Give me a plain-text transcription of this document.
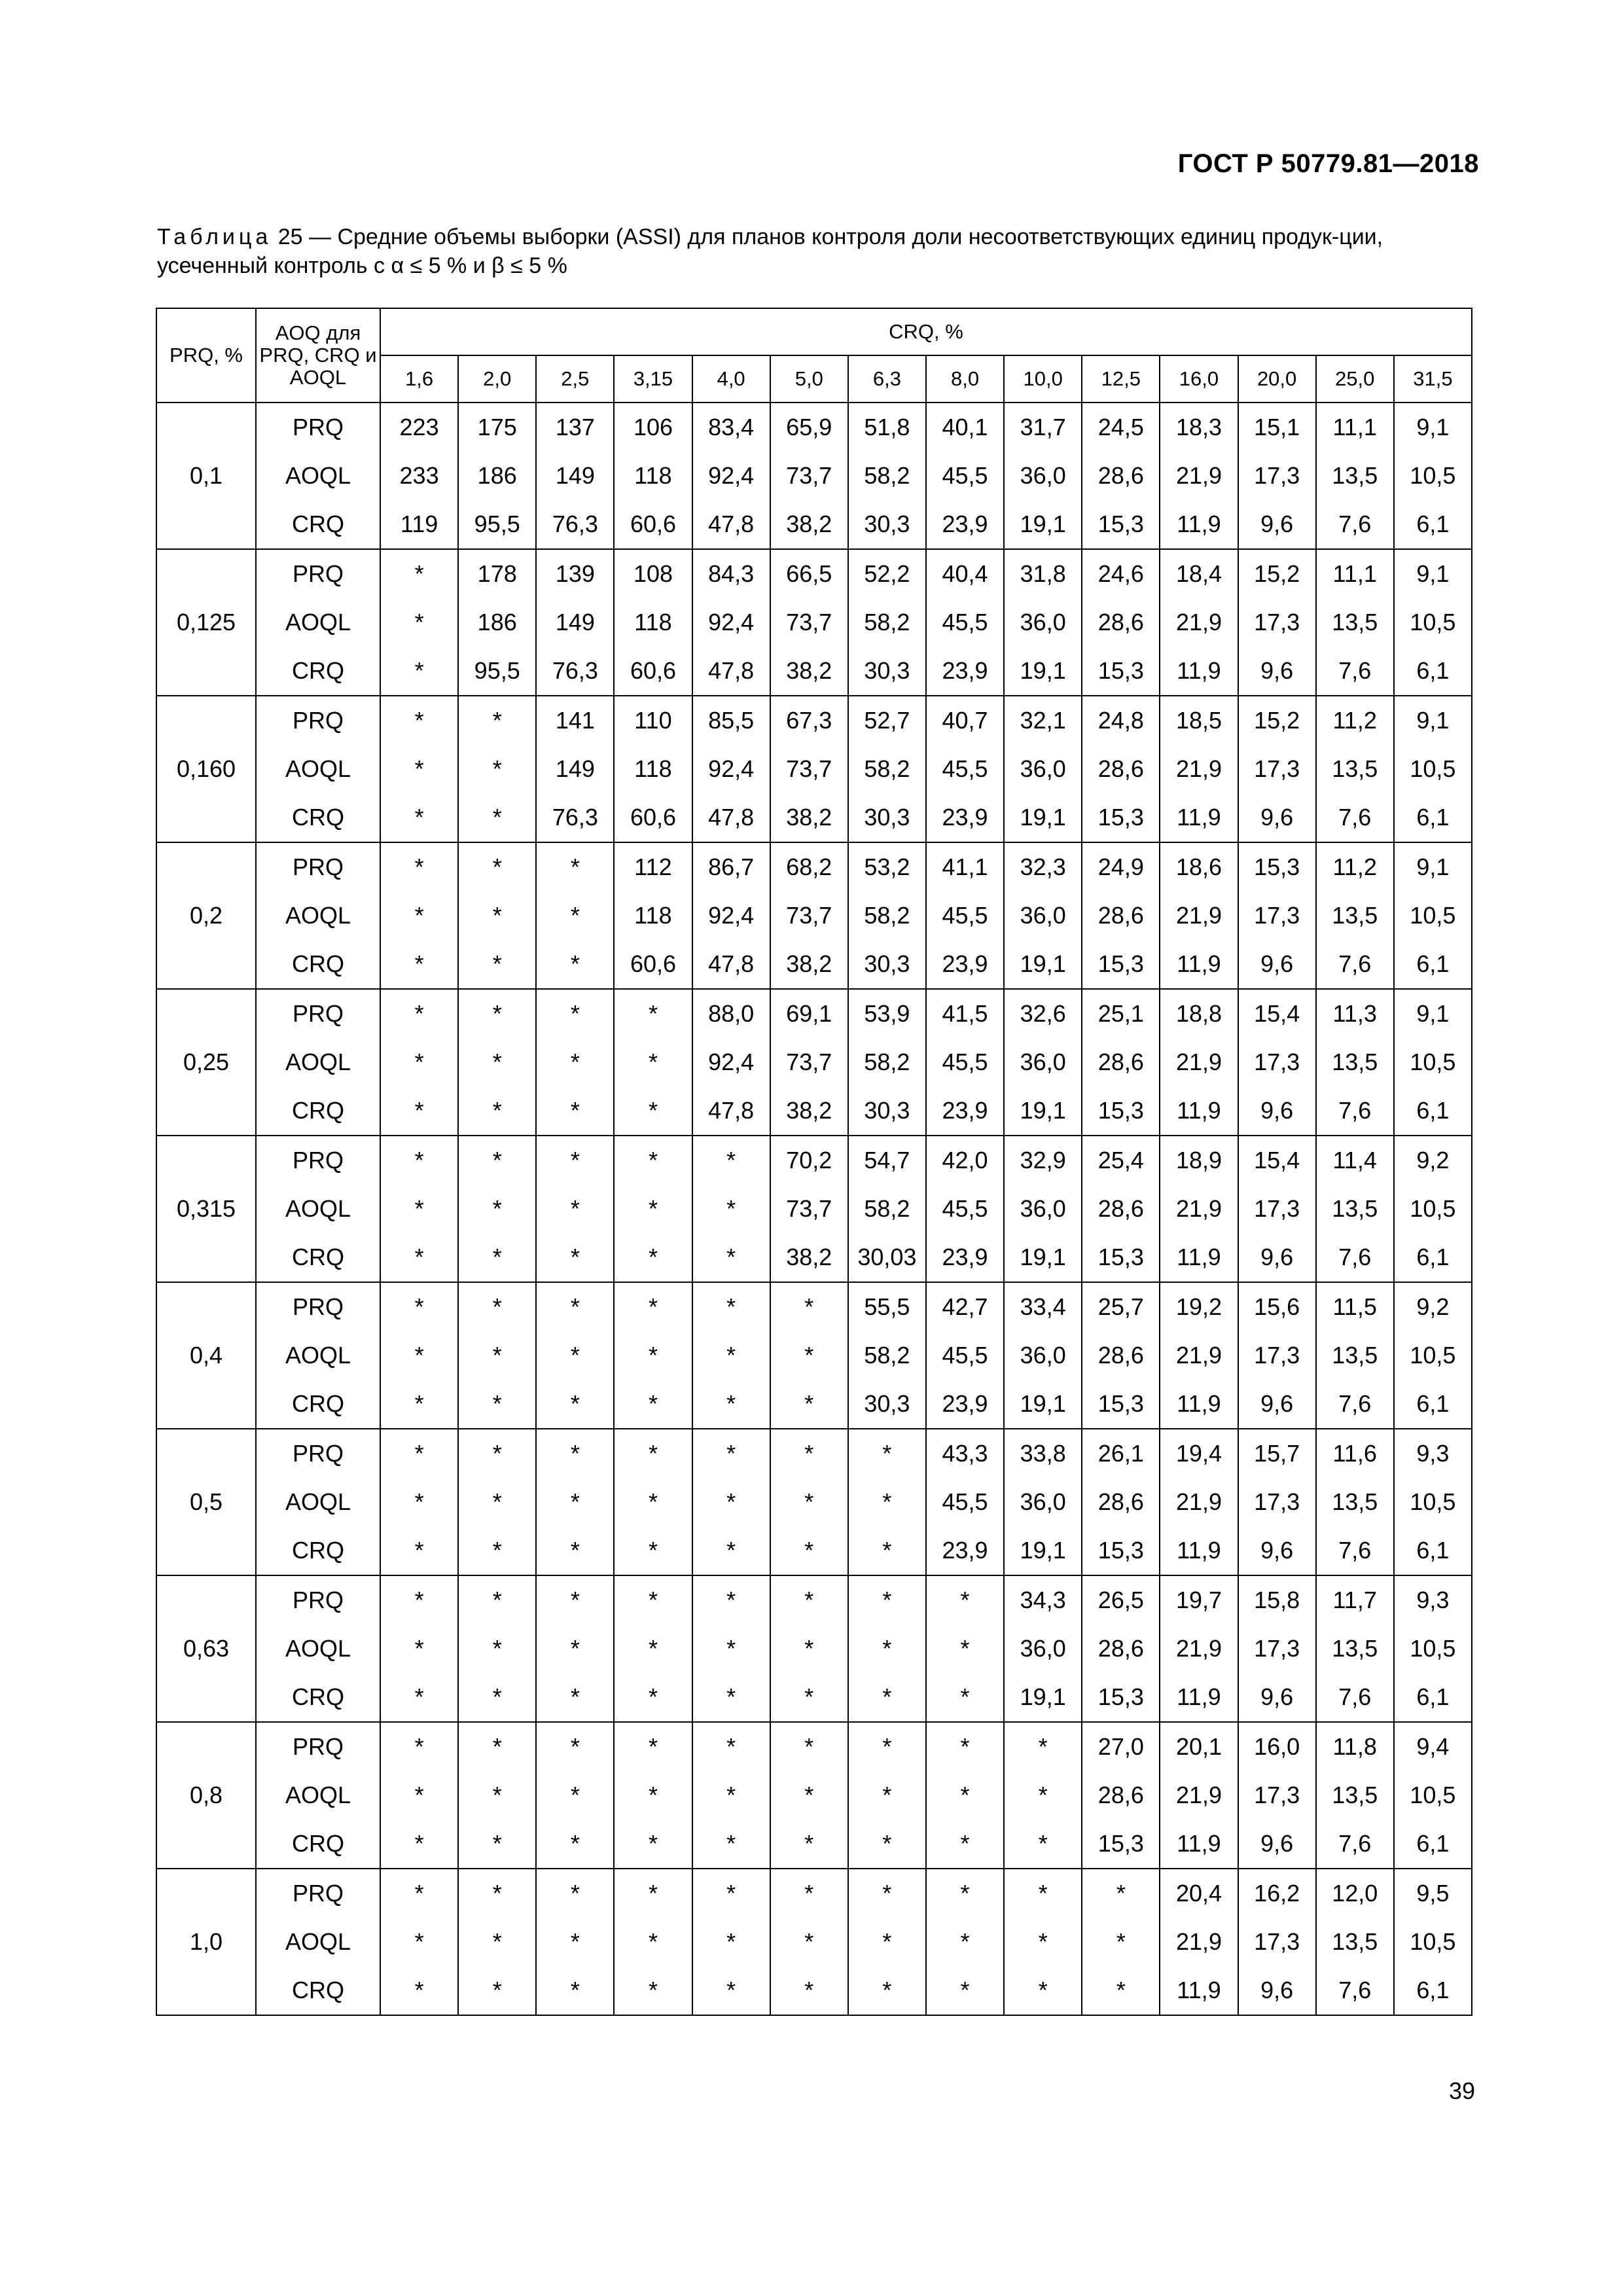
ГОСТ Р 50779.81—2018
Таблица 25 — Средние объемы выборки (ASSI) для планов контроля доли несоответствующих единиц продук-ции, усеченный контроль с α ≤ 5 % и β ≤ 5 %
PRQ, %	AOQ для PRQ, CRQ и AOQL	CRQ, %													
		1,6	2,0	2,5	3,15	4,0	5,0	6,3	8,0	10,0	12,5	16,0	20,0	25,0	31,5
0,1	PRQ	223	175	137	106	83,4	65,9	51,8	40,1	31,7	24,5	18,3	15,1	11,1	9,1
	AOQL	233	186	149	118	92,4	73,7	58,2	45,5	36,0	28,6	21,9	17,3	13,5	10,5
	CRQ	119	95,5	76,3	60,6	47,8	38,2	30,3	23,9	19,1	15,3	11,9	9,6	7,6	6,1
0,125	PRQ	*	178	139	108	84,3	66,5	52,2	40,4	31,8	24,6	18,4	15,2	11,1	9,1
	AOQL	*	186	149	118	92,4	73,7	58,2	45,5	36,0	28,6	21,9	17,3	13,5	10,5
	CRQ	*	95,5	76,3	60,6	47,8	38,2	30,3	23,9	19,1	15,3	11,9	9,6	7,6	6,1
0,160	PRQ	*	*	141	110	85,5	67,3	52,7	40,7	32,1	24,8	18,5	15,2	11,2	9,1
	AOQL	*	*	149	118	92,4	73,7	58,2	45,5	36,0	28,6	21,9	17,3	13,5	10,5
	CRQ	*	*	76,3	60,6	47,8	38,2	30,3	23,9	19,1	15,3	11,9	9,6	7,6	6,1
0,2	PRQ	*	*	*	112	86,7	68,2	53,2	41,1	32,3	24,9	18,6	15,3	11,2	9,1
	AOQL	*	*	*	118	92,4	73,7	58,2	45,5	36,0	28,6	21,9	17,3	13,5	10,5
	CRQ	*	*	*	60,6	47,8	38,2	30,3	23,9	19,1	15,3	11,9	9,6	7,6	6,1
0,25	PRQ	*	*	*	*	88,0	69,1	53,9	41,5	32,6	25,1	18,8	15,4	11,3	9,1
	AOQL	*	*	*	*	92,4	73,7	58,2	45,5	36,0	28,6	21,9	17,3	13,5	10,5
	CRQ	*	*	*	*	47,8	38,2	30,3	23,9	19,1	15,3	11,9	9,6	7,6	6,1
0,315	PRQ	*	*	*	*	*	70,2	54,7	42,0	32,9	25,4	18,9	15,4	11,4	9,2
	AOQL	*	*	*	*	*	73,7	58,2	45,5	36,0	28,6	21,9	17,3	13,5	10,5
	CRQ	*	*	*	*	*	38,2	30,03	23,9	19,1	15,3	11,9	9,6	7,6	6,1
0,4	PRQ	*	*	*	*	*	*	55,5	42,7	33,4	25,7	19,2	15,6	11,5	9,2
	AOQL	*	*	*	*	*	*	58,2	45,5	36,0	28,6	21,9	17,3	13,5	10,5
	CRQ	*	*	*	*	*	*	30,3	23,9	19,1	15,3	11,9	9,6	7,6	6,1
0,5	PRQ	*	*	*	*	*	*	*	43,3	33,8	26,1	19,4	15,7	11,6	9,3
	AOQL	*	*	*	*	*	*	*	45,5	36,0	28,6	21,9	17,3	13,5	10,5
	CRQ	*	*	*	*	*	*	*	23,9	19,1	15,3	11,9	9,6	7,6	6,1
0,63	PRQ	*	*	*	*	*	*	*	*	34,3	26,5	19,7	15,8	11,7	9,3
	AOQL	*	*	*	*	*	*	*	*	36,0	28,6	21,9	17,3	13,5	10,5
	CRQ	*	*	*	*	*	*	*	*	19,1	15,3	11,9	9,6	7,6	6,1
0,8	PRQ	*	*	*	*	*	*	*	*	*	27,0	20,1	16,0	11,8	9,4
	AOQL	*	*	*	*	*	*	*	*	*	28,6	21,9	17,3	13,5	10,5
	CRQ	*	*	*	*	*	*	*	*	*	15,3	11,9	9,6	7,6	6,1
1,0	PRQ	*	*	*	*	*	*	*	*	*	*	20,4	16,2	12,0	9,5
	AOQL	*	*	*	*	*	*	*	*	*	*	21,9	17,3	13,5	10,5
	CRQ	*	*	*	*	*	*	*	*	*	*	11,9	9,6	7,6	6,1
39
